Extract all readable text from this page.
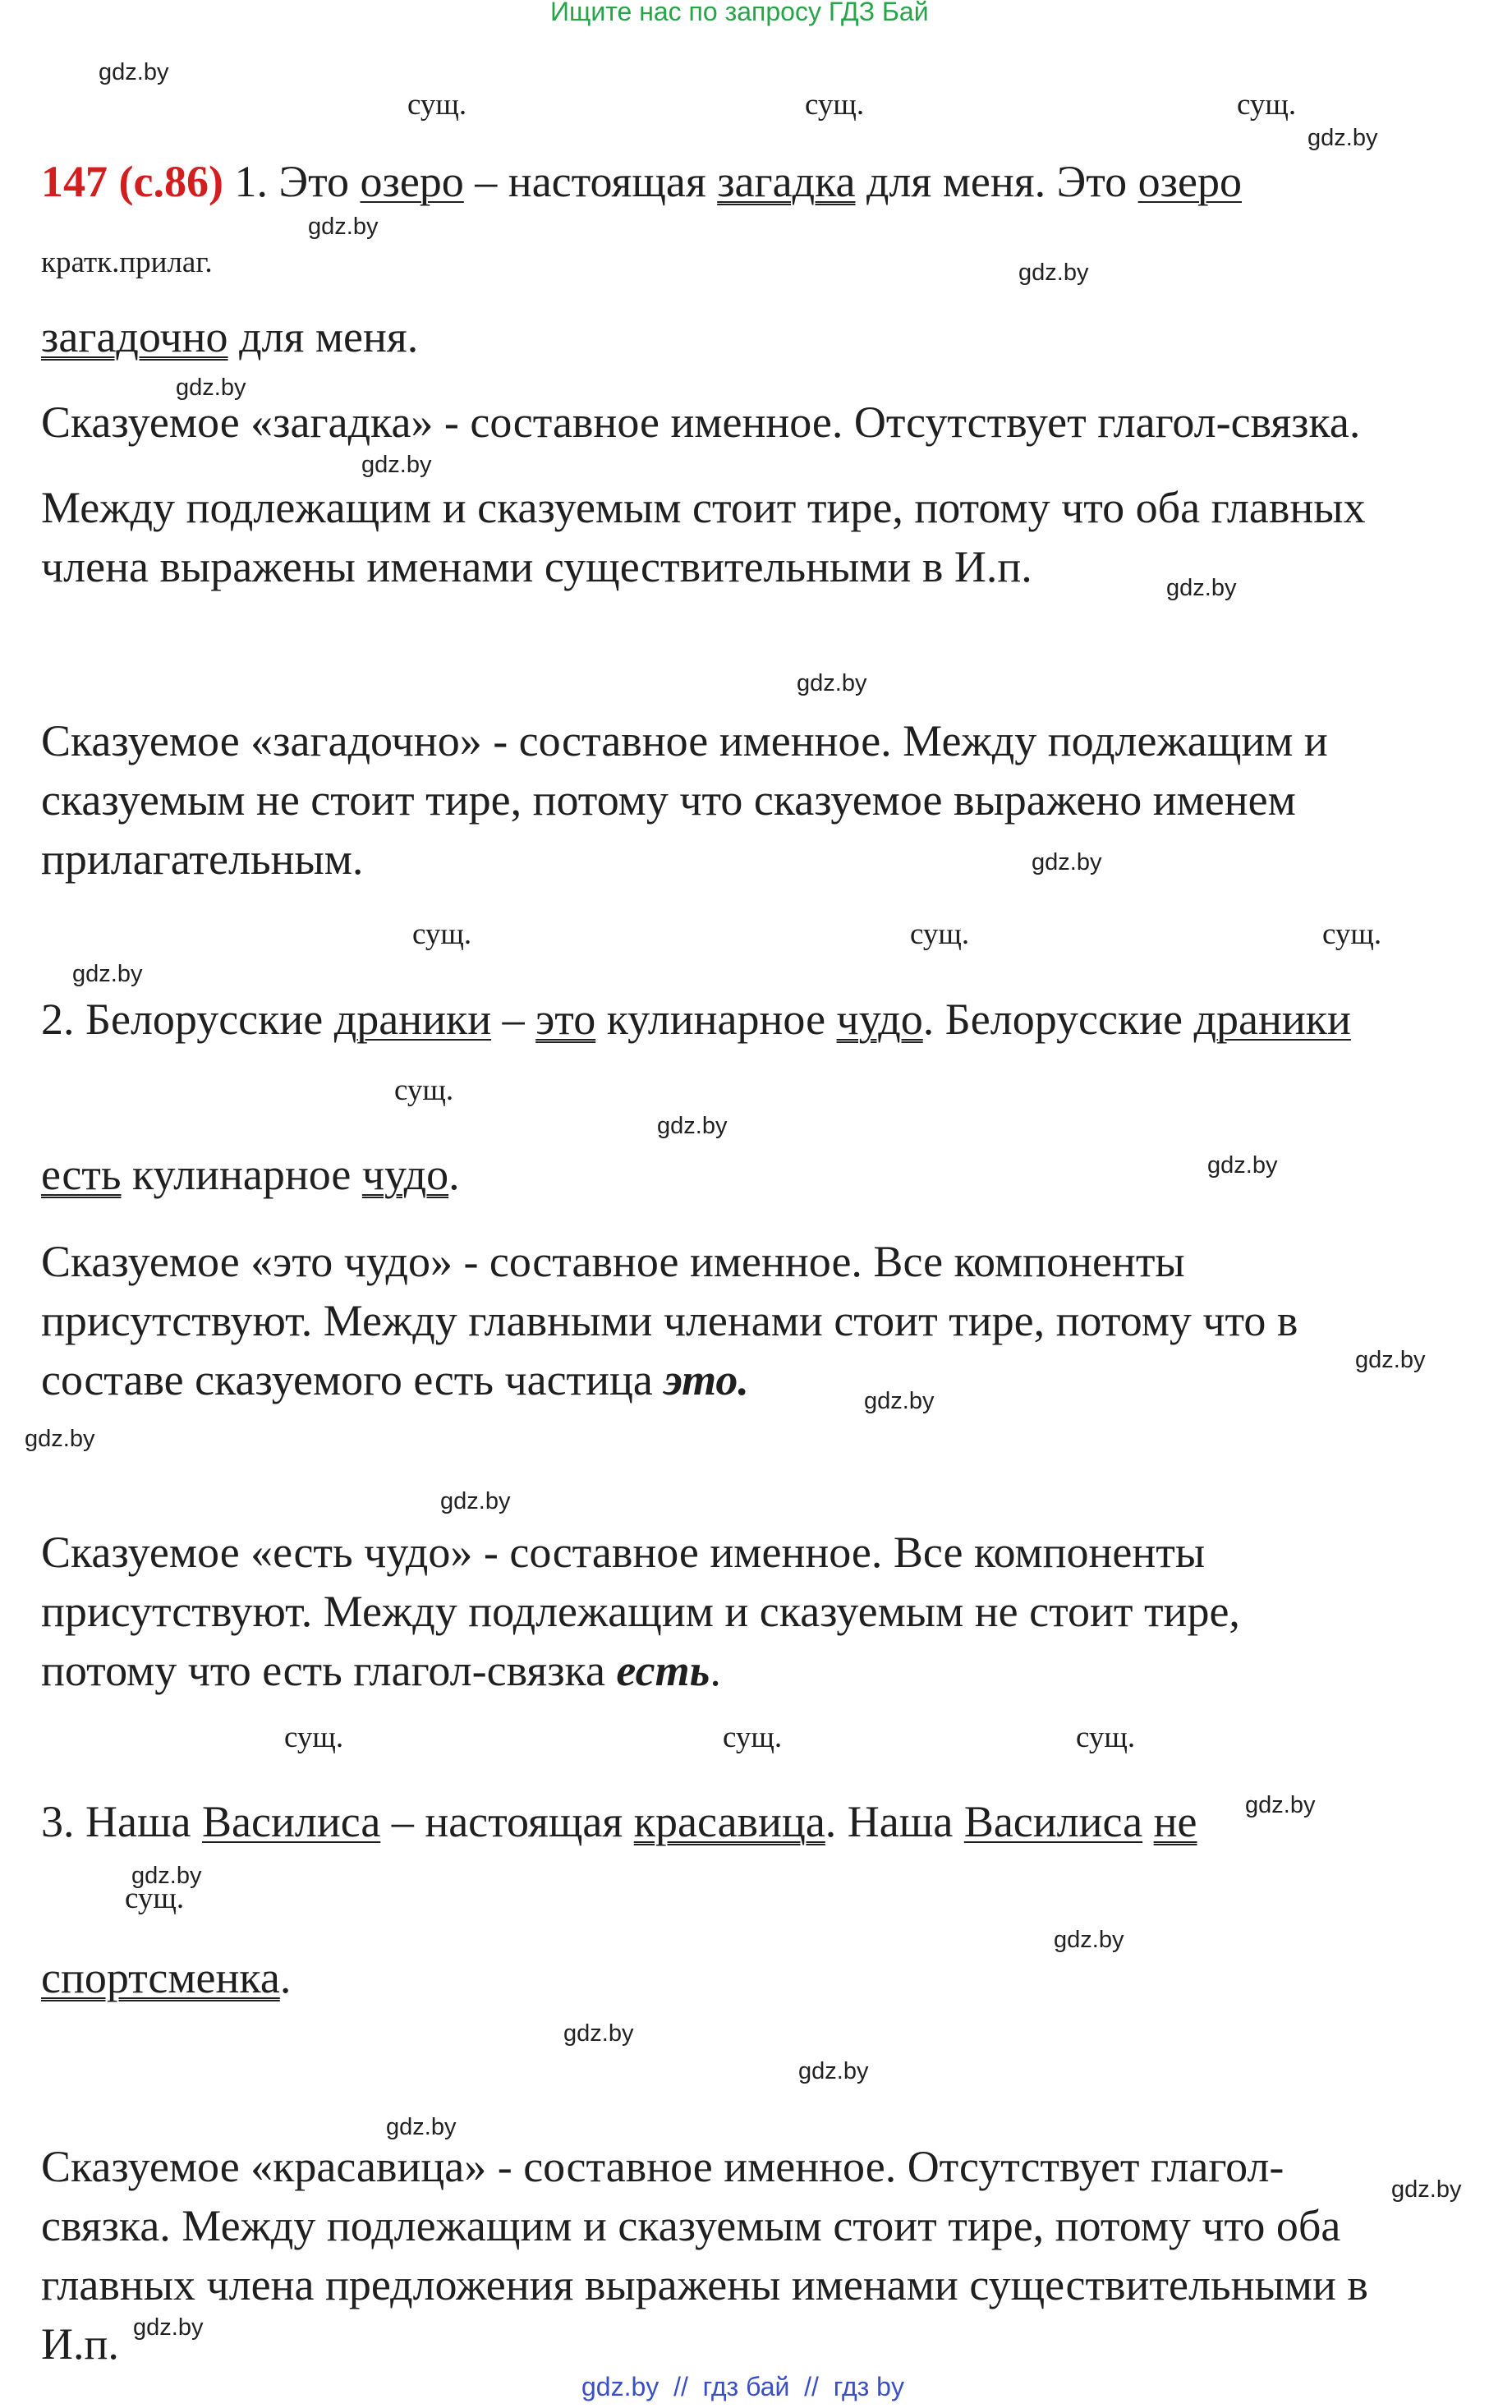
Ищите нас по запросу ГДЗ Бай
gdz.by
gdz.by
gdz.by
gdz.by
gdz.by
gdz.by
gdz.by
gdz.by
gdz.by
gdz.by
gdz.by
gdz.by
gdz.by
gdz.by
gdz.by
gdz.by
gdz.by
gdz.by
gdz.by
gdz.by
gdz.by
gdz.by
gdz.by
gdz.by
сущ.	сущ.	сущ.
кратк.прилаг.
сущ.	сущ.	сущ.
сущ.
сущ.	сущ.	сущ.
сущ.
147 (с.86) 1. Это озеро – настоящая загадка для меня. Это озеро
загадочно для меня.
Сказуемое «загадка» - составное именное. Отсутствует глагол-связка.
Между подлежащим и сказуемым стоит тире, потому что оба главных
члена выражены именами существительными в И.п.
Сказуемое «загадочно» - составное именное. Между подлежащим и
сказуемым не стоит тире, потому что сказуемое выражено именем
прилагательным.
2. Белорусские драники – это кулинарное чудо. Белорусские драники
есть кулинарное чудо.
Сказуемое «это чудо» - составное именное. Все компоненты
присутствуют. Между главными членами стоит тире, потому что в
составе сказуемого есть частица это.
Сказуемое «есть чудо» - составное именное. Все компоненты
присутствуют. Между подлежащим и сказуемым не стоит тире,
потому что есть глагол-связка есть.
3. Наша Василиса – настоящая красавица. Наша Василиса не
спортсменка.
Сказуемое «красавица» - составное именное. Отсутствует глагол-
связка. Между подлежащим и сказуемым стоит тире, потому что оба
главных члена предложения выражены именами существительными в
И.п.
gdz.by  //  гдз бай  //  гдз by
